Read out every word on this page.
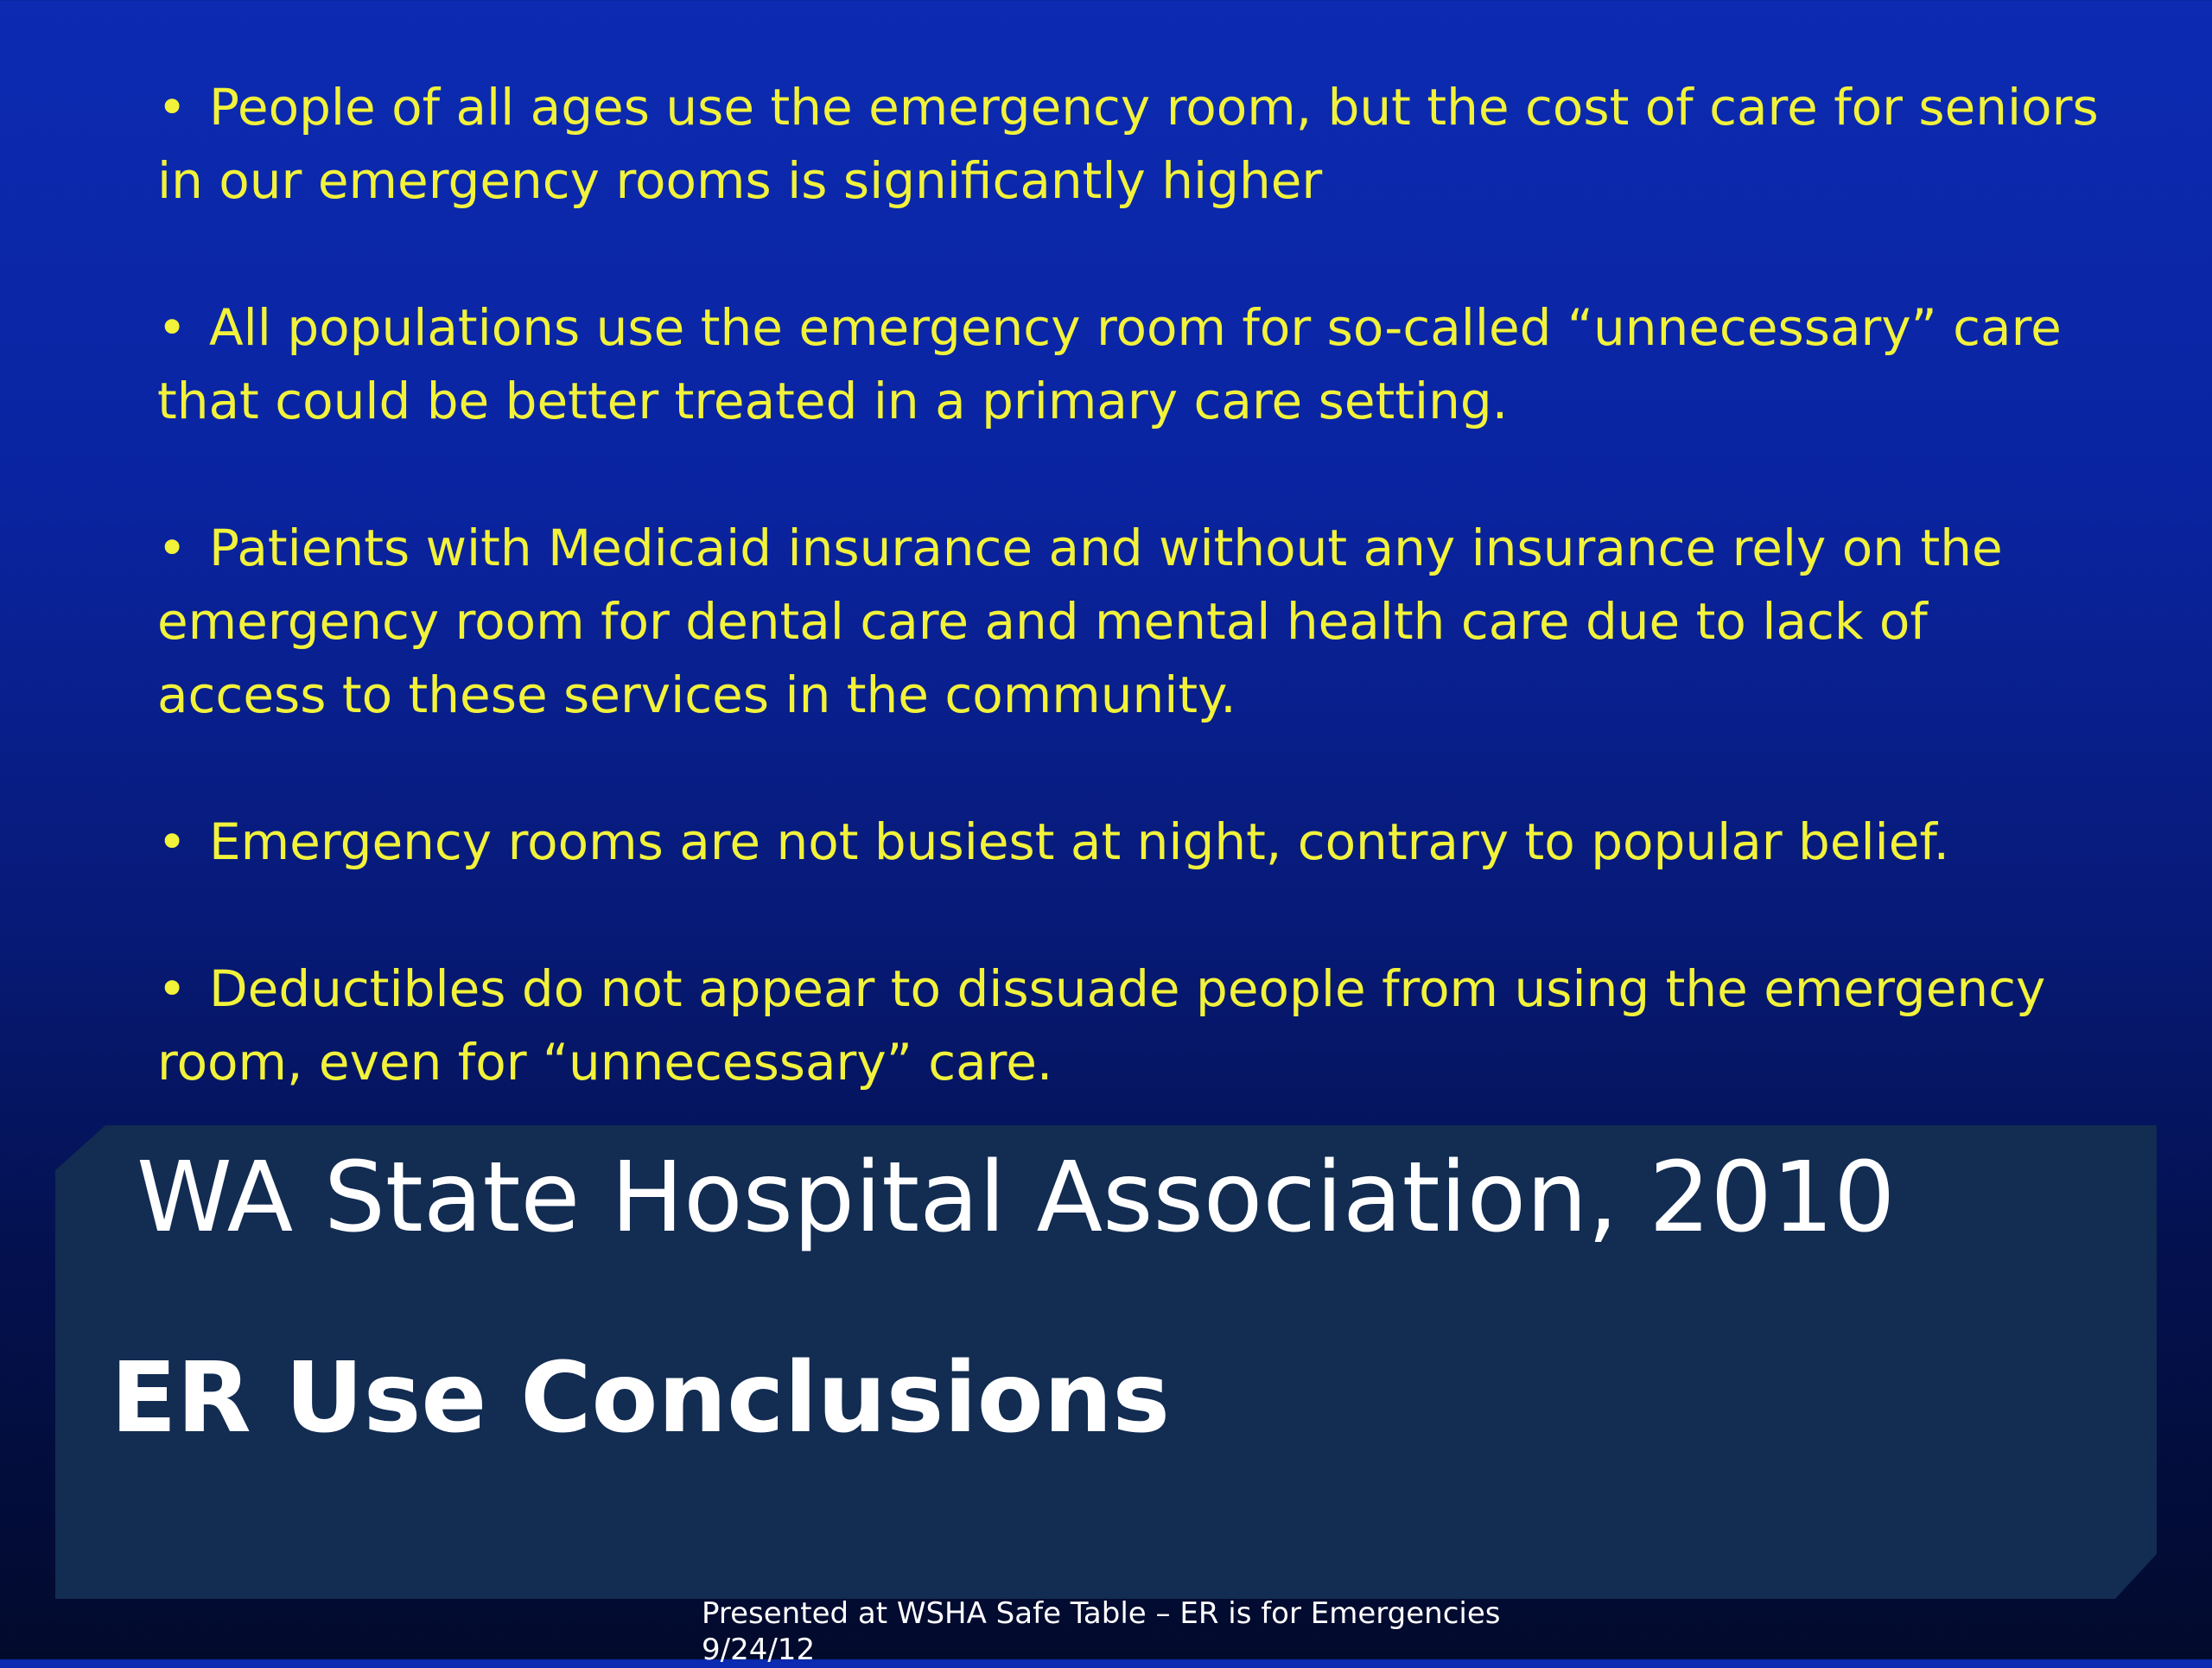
• People of all ages use the emergency room, but the cost of care for seniors in our emergency rooms is significantly higher
• All populations use the emergency room for so-called “unnecessary” care that could be better treated in a primary care setting.
• Patients with Medicaid insurance and without any insurance rely on the emergency room for dental care and mental health care due to lack of access to these services in the community.
• Emergency rooms are not busiest at night, contrary to popular belief.
• Deductibles do not appear to dissuade people from using the emergency room, even for “unnecessary” care.
WA State Hospital Association, 2010
ER Use Conclusions
Presented at WSHA Safe Table – ER is for Emergencies
9/24/12
